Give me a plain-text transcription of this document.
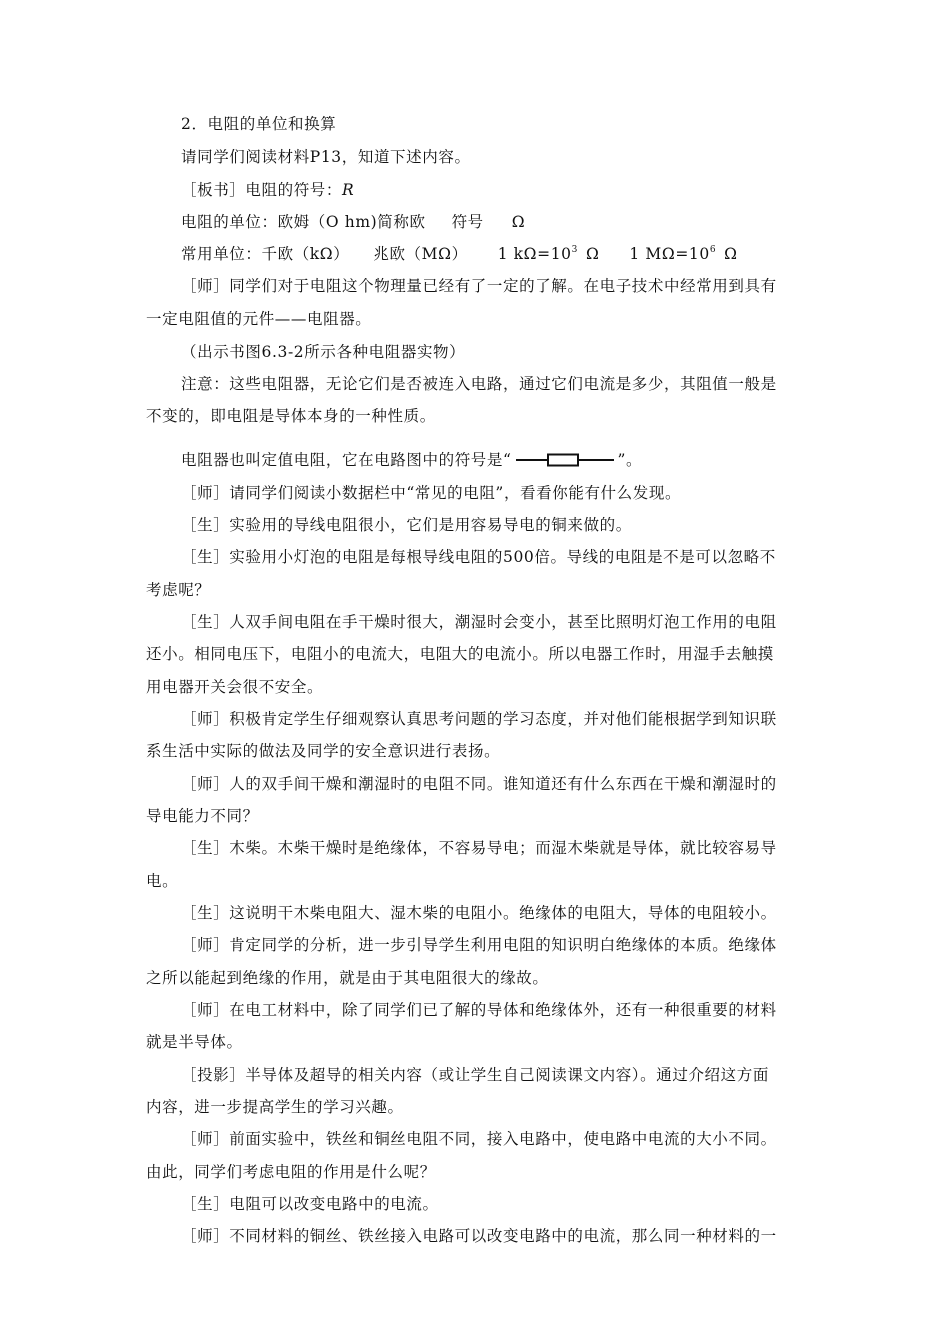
2．电阻的单位和换算
请同学们阅读材料P13，知道下述内容。
［板书］电阻的符号：R
电阻的单位：欧姆（O hm)简称欧 符号 Ω
常用单位：千欧（kΩ） 兆欧（MΩ） 1 $k\Omega=10^3$ Ω 1 $M\Omega=10^6$ Ω
［师］同学们对于电阻这个物理量已经有了一定的了解。在电子技术中经常用到具有
一定电阻值的元件——电阻器。
（出示书图6.3-2所示各种电阻器实物）
注意：这些电阻器，无论它们是否被连入电路，通过它们电流是多少，其阻值一般是
不变的，即电阻是导体本身的一种性质。
电阻器也叫定值电阻，它在电路图中的符号是“	”。
［师］请同学们阅读小数据栏中“常见的电阻”，看看你能有什么发现。
［生］实验用的导线电阻很小，它们是用容易导电的铜来做的。
［生］实验用小灯泡的电阻是每根导线电阻的500倍。导线的电阻是不是可以忽略不
考虑呢？
［生］人双手间电阻在手干燥时很大，潮湿时会变小，甚至比照明灯泡工作用的电阻
还小。相同电压下，电阻小的电流大，电阻大的电流小。所以电器工作时，用湿手去触摸
用电器开关会很不安全。
［师］积极肯定学生仔细观察认真思考问题的学习态度，并对他们能根据学到知识联
系生活中实际的做法及同学的安全意识进行表扬。
［师］人的双手间干燥和潮湿时的电阻不同。谁知道还有什么东西在干燥和潮湿时的
导电能力不同？
［生］木柴。木柴干燥时是绝缘体，不容易导电；而湿木柴就是导体，就比较容易导
电。
［生］这说明干木柴电阻大、湿木柴的电阻小。绝缘体的电阻大，导体的电阻较小。
［师］肯定同学的分析，进一步引导学生利用电阻的知识明白绝缘体的本质。绝缘体
之所以能起到绝缘的作用，就是由于其电阻很大的缘故。
［师］在电工材料中，除了同学们已了解的导体和绝缘体外，还有一种很重要的材料
就是半导体。
［投影］半导体及超导的相关内容（或让学生自己阅读课文内容）。通过介绍这方面
内容，进一步提高学生的学习兴趣。
［师］前面实验中，铁丝和铜丝电阻不同，接入电路中，使电路中电流的大小不同。
由此，同学们考虑电阻的作用是什么呢？
［生］电阻可以改变电路中的电流。
［师］不同材料的铜丝、铁丝接入电路可以改变电路中的电流，那么同一种材料的一
